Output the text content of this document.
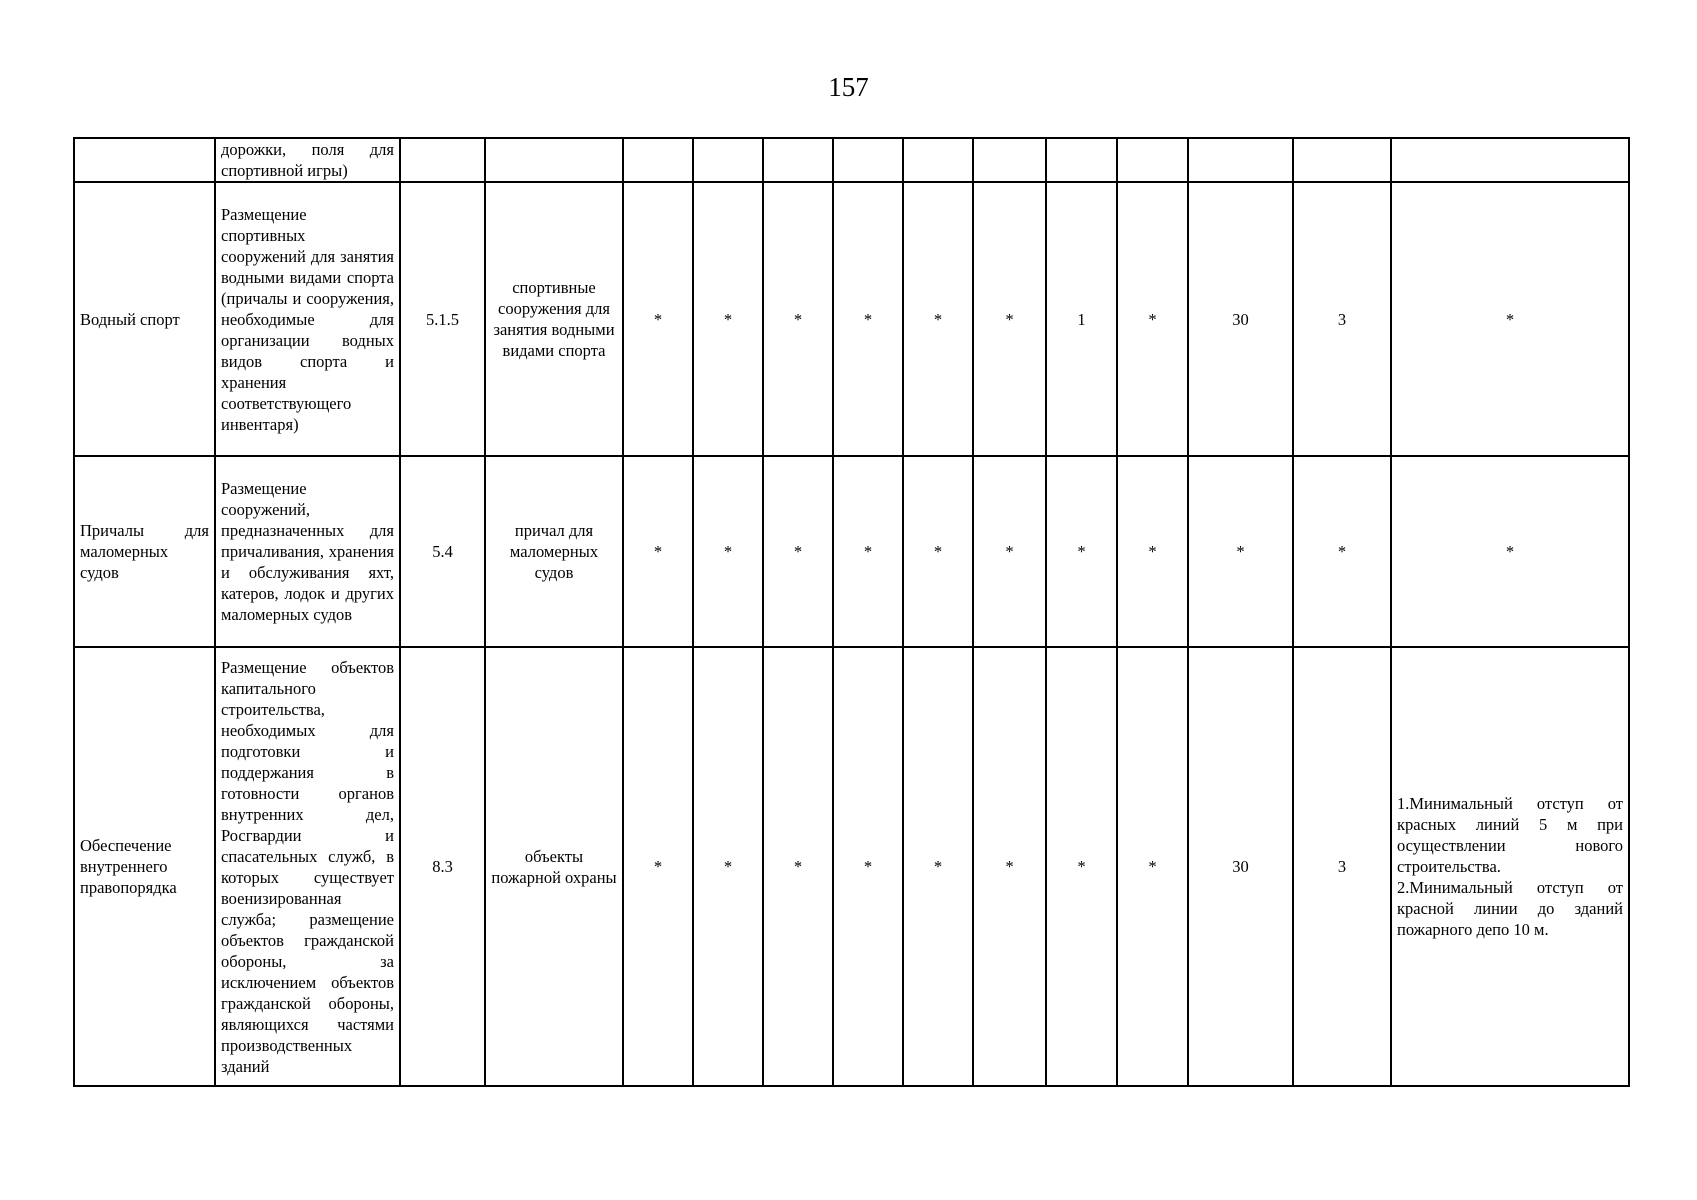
157
	дорожки, поля для спортивной игры)													
Водный спорт	Размещение спортивных сооружений для занятия водными видами спорта (причалы и сооружения, необходимые для организации водных видов спорта и хранения соответствующего инвентаря)	5.1.5	спортивные сооружения для занятия водными видами спорта	*	*	*	*	*	*	1	*	30	3	*

Причалы для маломерных судов	Размещение сооружений, предназначенных для причаливания, хранения и обслуживания яхт, катеров, лодок и других маломерных судов	5.4	причал для маломерных судов	*	*	*	*	*	*	*	*	*	*	*
Обеспечение внутреннего правопорядка	Размещение объектов капитального строительства, необходимых для подготовки и поддержания в готовности органов внутренних дел, Росгвардии и спасательных служб, в которых существует военизированная служба; размещение объектов гражданской обороны, за исключением объектов гражданской обороны, являющихся частями производственных зданий	8.3	объекты пожарной охраны	*	*	*	*	*	*	*	*	30	3	1.Минимальный отступ от красных линий 5 м при осуществлении нового строительства.
2.Минимальный отступ от красной линии до зданий пожарного депо 10 м.
